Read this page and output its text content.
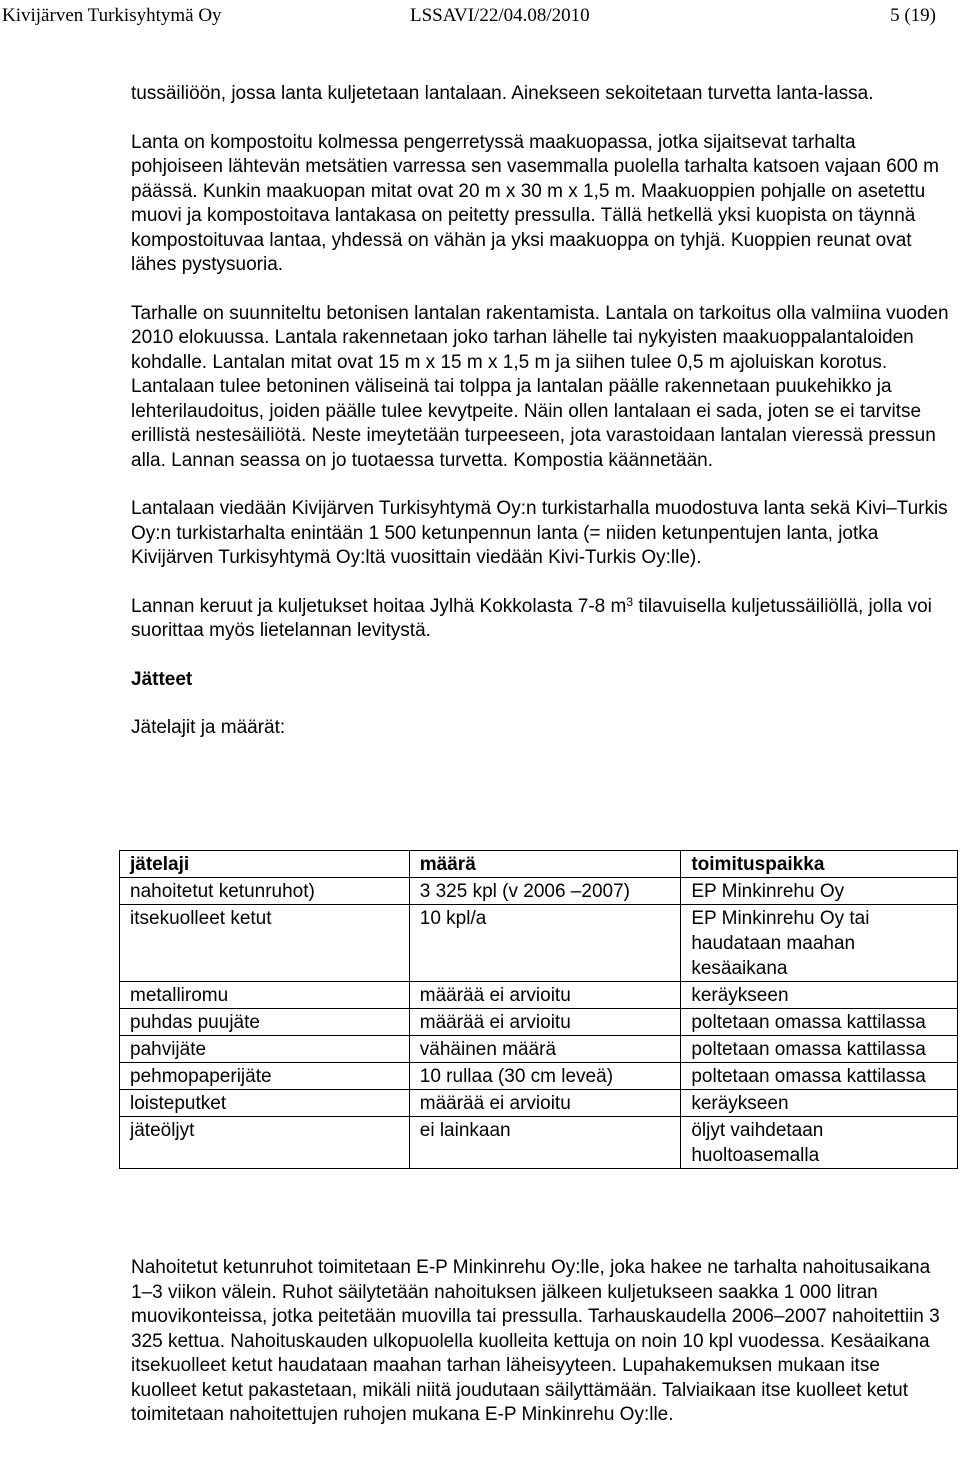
Kivijärven Turkisyhtymä Oy	LSSAVI/22/04.08/2010	5 (19)

tussäiliöön, jossa lanta kuljetetaan lantalaan. Ainekseen sekoitetaan turvetta lanta-lassa.

Lanta on kompostoitu kolmessa pengerretyssä maakuopassa, jotka sijaitsevat tarhalta pohjoiseen lähtevän metsätien varressa sen vasemmalla puolella tarhalta katsoen vajaan 600 m päässä. Kunkin maakuopan mitat ovat 20 m x 30 m x 1,5 m. Maakuoppien pohjalle on asetettu muovi ja kompostoitava lantakasa on peitetty pressulla. Tällä hetkellä yksi kuopista on täynnä kompostoituvaa lantaa, yhdessä on vähän ja yksi maakuoppa on tyhjä. Kuoppien reunat ovat lähes pystysuoria.

Tarhalle on suunniteltu betonisen lantalan rakentamista. Lantala on tarkoitus olla valmiina vuoden 2010 elokuussa. Lantala rakennetaan joko tarhan lähelle tai nykyisten maakuoppalantaloiden kohdalle. Lantalan mitat ovat 15 m x 15 m x 1,5 m ja siihen tulee 0,5 m ajoluiskan korotus. Lantalaan tulee betoninen väliseinä tai tolppa ja lantalan päälle rakennetaan puukehikko ja lehterilaudoitus, joiden päälle tulee kevytpeite. Näin ollen lantalaan ei sada, joten se ei tarvitse erillistä nestesäiliötä. Neste imeytetään turpeeseen, jota varastoidaan lantalan vieressä pressun alla. Lannan seassa on jo tuotaessa turvetta. Kompostia käännetään.

Lantalaan viedään Kivijärven Turkisyhtymä Oy:n turkistarhalla muodostuva lanta sekä Kivi–Turkis Oy:n turkistarhalta enintään 1 500 ketunpennun lanta (= niiden ketunpentujen lanta, jotka Kivijärven Turkisyhtymä Oy:ltä vuosittain viedään Kivi-Turkis Oy:lle).

Lannan keruut ja kuljetukset hoitaa Jylhä Kokkolasta 7-8 $m^3$ tilavuisella kuljetussäiliöllä, jolla voi suorittaa myös lietelannan levitystä.

Jätteet

Jätelajit ja määrät:

jätelaji	määrä	toimituspaikka
nahoitetut ketunruhot)	3 325 kpl (v 2006 –2007)	EP Minkinrehu Oy
itsekuolleet ketut	10 kpl/a	EP Minkinrehu Oy tai haudataan maahan kesäaikana
metalliromu	määrää ei arvioitu	keräykseen
puhdas puujäte	määrää ei arvioitu	poltetaan omassa kattilassa
pahvijäte	vähäinen määrä	poltetaan omassa kattilassa
pehmopaperijäte	10 rullaa (30 cm leveä)	poltetaan omassa kattilassa
loisteputket	määrää ei arvioitu	keräykseen
jäteöljyt	ei lainkaan	öljyt vaihdetaan huoltoasemalla

Nahoitetut ketunruhot toimitetaan E-P Minkinrehu Oy:lle, joka hakee ne tarhalta nahoitusaikana 1–3 viikon välein. Ruhot säilytetään nahoituksen jälkeen kuljetukseen saakka 1 000 litran muovikonteissa, jotka peitetään muovilla tai pressulla. Tarhauskaudella 2006–2007 nahoitettiin 3 325 kettua. Nahoituskauden ulkopuolella kuolleita kettuja on noin 10 kpl vuodessa. Kesäaikana itsekuolleet ketut haudataan maahan tarhan läheisyyteen. Lupahakemuksen mukaan itse kuolleet ketut pakastetaan, mikäli niitä joudutaan säilyttämään. Talviaikaan itse kuolleet ketut toimitetaan nahoitettujen ruhojen mukana E-P Minkinrehu Oy:lle.
